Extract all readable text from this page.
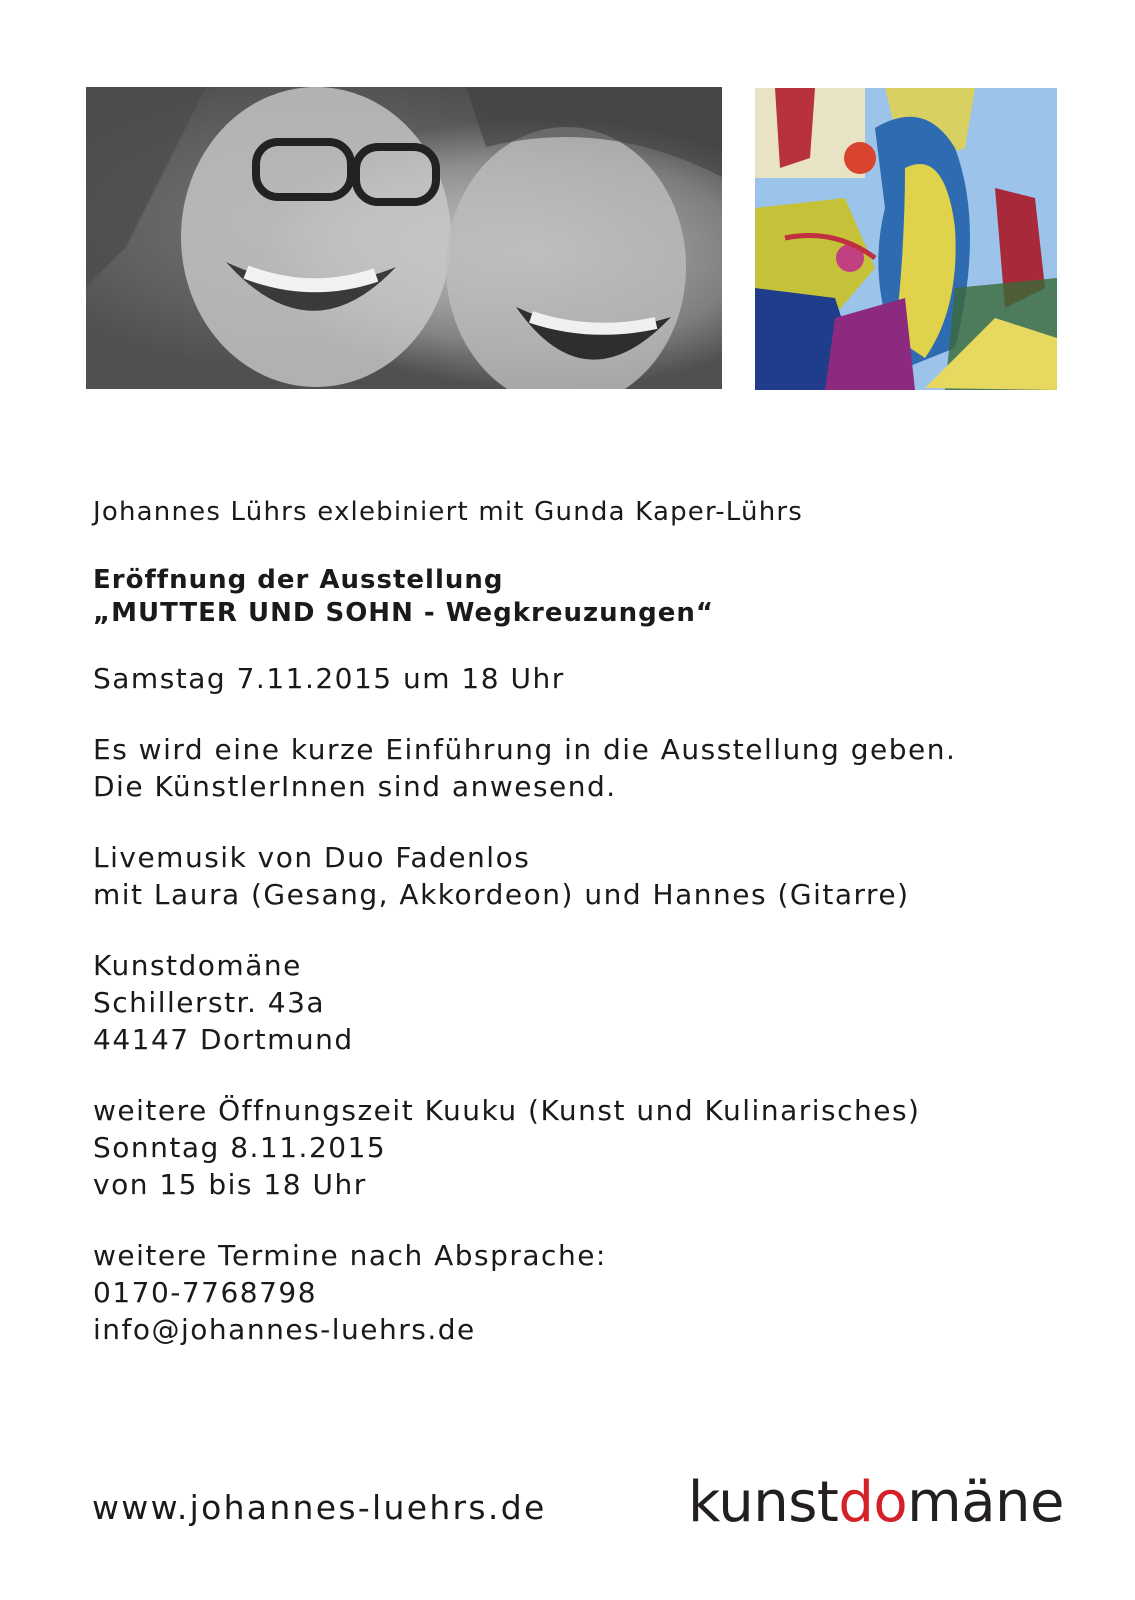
Johannes Lührs exlebiniert mit Gunda Kaper-Lührs

Eröffnung der Ausstellung
„MUTTER UND SOHN - Wegkreuzungen“
Samstag 7.11.2015 um 18 Uhr
Es wird eine kurze Einführung in die Ausstellung geben.
Die KünstlerInnen sind anwesend.
Livemusik von Duo Fadenlos
mit Laura (Gesang, Akkordeon) und Hannes (Gitarre)
Kunstdomäne
Schillerstr. 43a
44147 Dortmund
weitere Öffnungszeit Kuuku (Kunst und Kulinarisches)
Sonntag 8.11.2015
von 15 bis 18 Uhr
weitere Termine nach Absprache:
0170-7768798
info@johannes-luehrs.de
www.johannes-luehrs.de	kunstdomäne
